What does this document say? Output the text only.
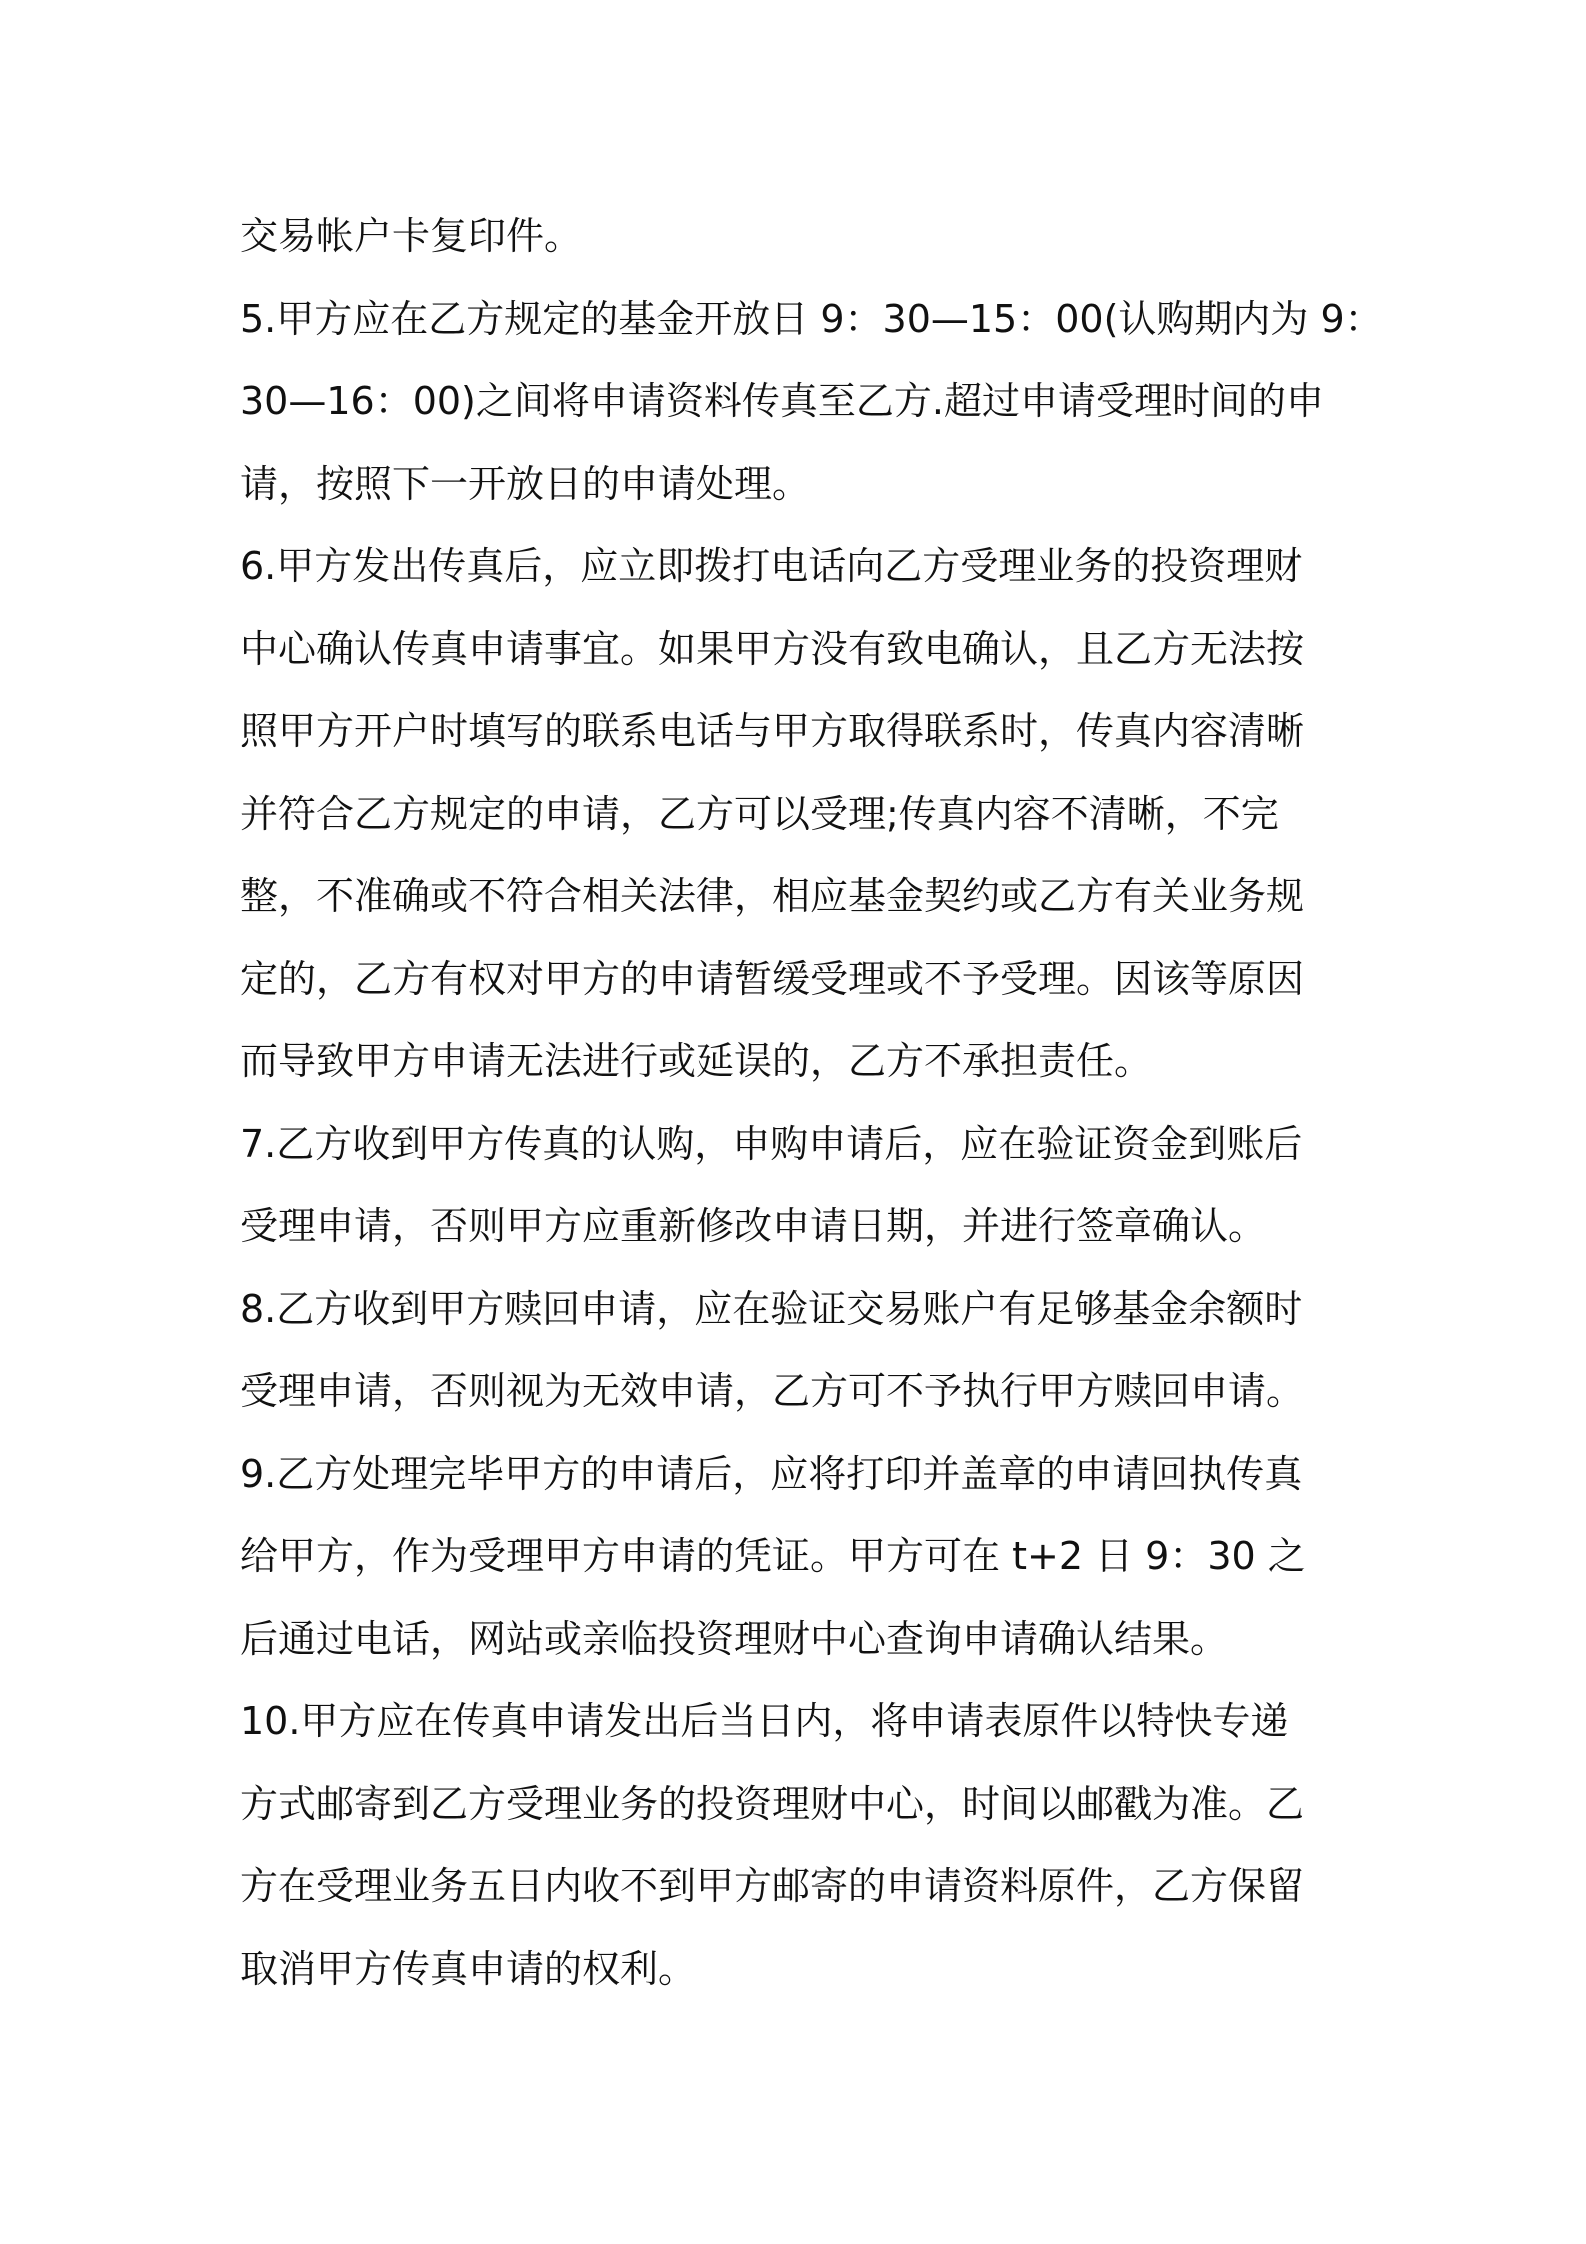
交易帐户卡复印件。
5.甲方应在乙方规定的基金开放日 9：30—15：00(认购期内为 9：
30—16：00)之间将申请资料传真至乙方.超过申请受理时间的申
请，按照下一开放日的申请处理。
6.甲方发出传真后，应立即拨打电话向乙方受理业务的投资理财
中心确认传真申请事宜。如果甲方没有致电确认，且乙方无法按
照甲方开户时填写的联系电话与甲方取得联系时，传真内容清晰
并符合乙方规定的申请，乙方可以受理;传真内容不清晰，不完
整，不准确或不符合相关法律，相应基金契约或乙方有关业务规
定的，乙方有权对甲方的申请暂缓受理或不予受理。因该等原因
而导致甲方申请无法进行或延误的，乙方不承担责任。
7.乙方收到甲方传真的认购，申购申请后，应在验证资金到账后
受理申请，否则甲方应重新修改申请日期，并进行签章确认。
8.乙方收到甲方赎回申请，应在验证交易账户有足够基金余额时
受理申请，否则视为无效申请，乙方可不予执行甲方赎回申请。
9.乙方处理完毕甲方的申请后，应将打印并盖章的申请回执传真
给甲方，作为受理甲方申请的凭证。甲方可在 t+2 日 9：30 之
后通过电话，网站或亲临投资理财中心查询申请确认结果。
10.甲方应在传真申请发出后当日内，将申请表原件以特快专递
方式邮寄到乙方受理业务的投资理财中心，时间以邮戳为准。乙
方在受理业务五日内收不到甲方邮寄的申请资料原件，乙方保留
取消甲方传真申请的权利。
